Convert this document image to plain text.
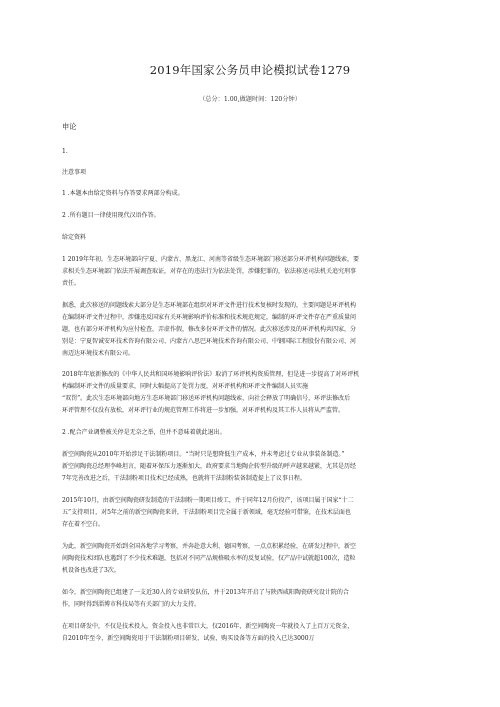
2019年国家公务员申论模拟试卷1279
（总分：1.00,做题时间：120分钟）
申论
1.
注意事项
1 .本题本由给定资料与作答要求两部分构成。
2 .所有题目一律使用现代汉语作答。
给定资料
1 2019年年初，生态环境部向宁夏、内蒙古、黑龙江、河南等省级生态环境部门移送部分环评机构问题线索，要
求相关生态环境部门依法开展调查取证，对存在的违法行为依法处罚，涉嫌犯罪的，依法移送司法机关追究刑事
责任。
据悉，此次移送的问题线索大部分是生态环境部在组织对环评文件进行技术复核时发现的，主要问题是环评机构
在编制环评文件过程中，涉嫌违反国家有关环境影响评价标准和技术规范规定，编制的环评文件存在严重质量问
题，也有部分环评机构为应付检查，弄虚作假，修改多份环评文件的情况。此次移送涉及的环评机构共四家，分
别是：宁夏智诚安环技术咨询有限公司、内蒙古八思巴环境技术咨询有限公司、中钢国际工程股份有限公司、河
南迈达环境技术有限公司。
2018年年底新修改的《中华人民共和国环境影响评价法》取消了环评机构资质管理，但是进一步提高了对环评机
构编制环评文件的质量要求，同时大幅提高了处罚力度，对环评机构和环评文件编制人员实施
“双罚”。此次生态环境部向地方生态环境部门移送环评机构问题线索，向社会释放了明确信号，环评法修改后
环评管理不仅没有放松，对环评行业的规范管理工作将进一步加强，对环评机构及其工作人员将从严监管。
2 .配合产业调整被关停是无奈之举，但并不意味着就此退出。
新空间陶瓷从2010年开始涉足干法制粉项目。“当时只是想降低生产成本，并未考虑过专业从事装备制造。”
新空间陶瓷总经理李峰坦言，随着环保压力逐渐加大，政府要求当地陶企转型升级的呼声越来越紧，尤其是历经
7年完善改进之后，干法制粉项目技术已经成熟，也就将干法制粉装备制造提上了议事日程。
2015年10月，由新空间陶瓷研发制造的干法制粉一期项目竣工，并于同年12月份投产，该项目属于国家“十二
五”支持项目，对5年之前的新空间陶瓷来讲，干法制粉项目完全属于新领域，毫无经验可借鉴，在技术层面也
存在着不空白。
为此，新空间陶瓷开始到全国各地学习考察，并奔赴意大利、德国考察，一点点积累经验，在研发过程中，新空
间陶瓷技术团队也遇到了不少技术难题，包括对不同产品规格吸水率的反复试验，仅产品中试就超100次，造粒
机设备也改进了3次。
如今，新空间陶瓷已组建了一支近30人的专业研发队伍，并于2013年开启了与陕西咸阳陶瓷研究设计院的合
作，同时得到淄博市科技局等有关部门的大力支持。
在项目研发中，不仅是技术投入，资金投入也非常巨大，仅2016年，新空间陶瓷一年就投入了上百万元资金，
自2010年至今，新空间陶瓷用于干法制粉项目研发、试验，购买设备等方面的投入已达3000万
